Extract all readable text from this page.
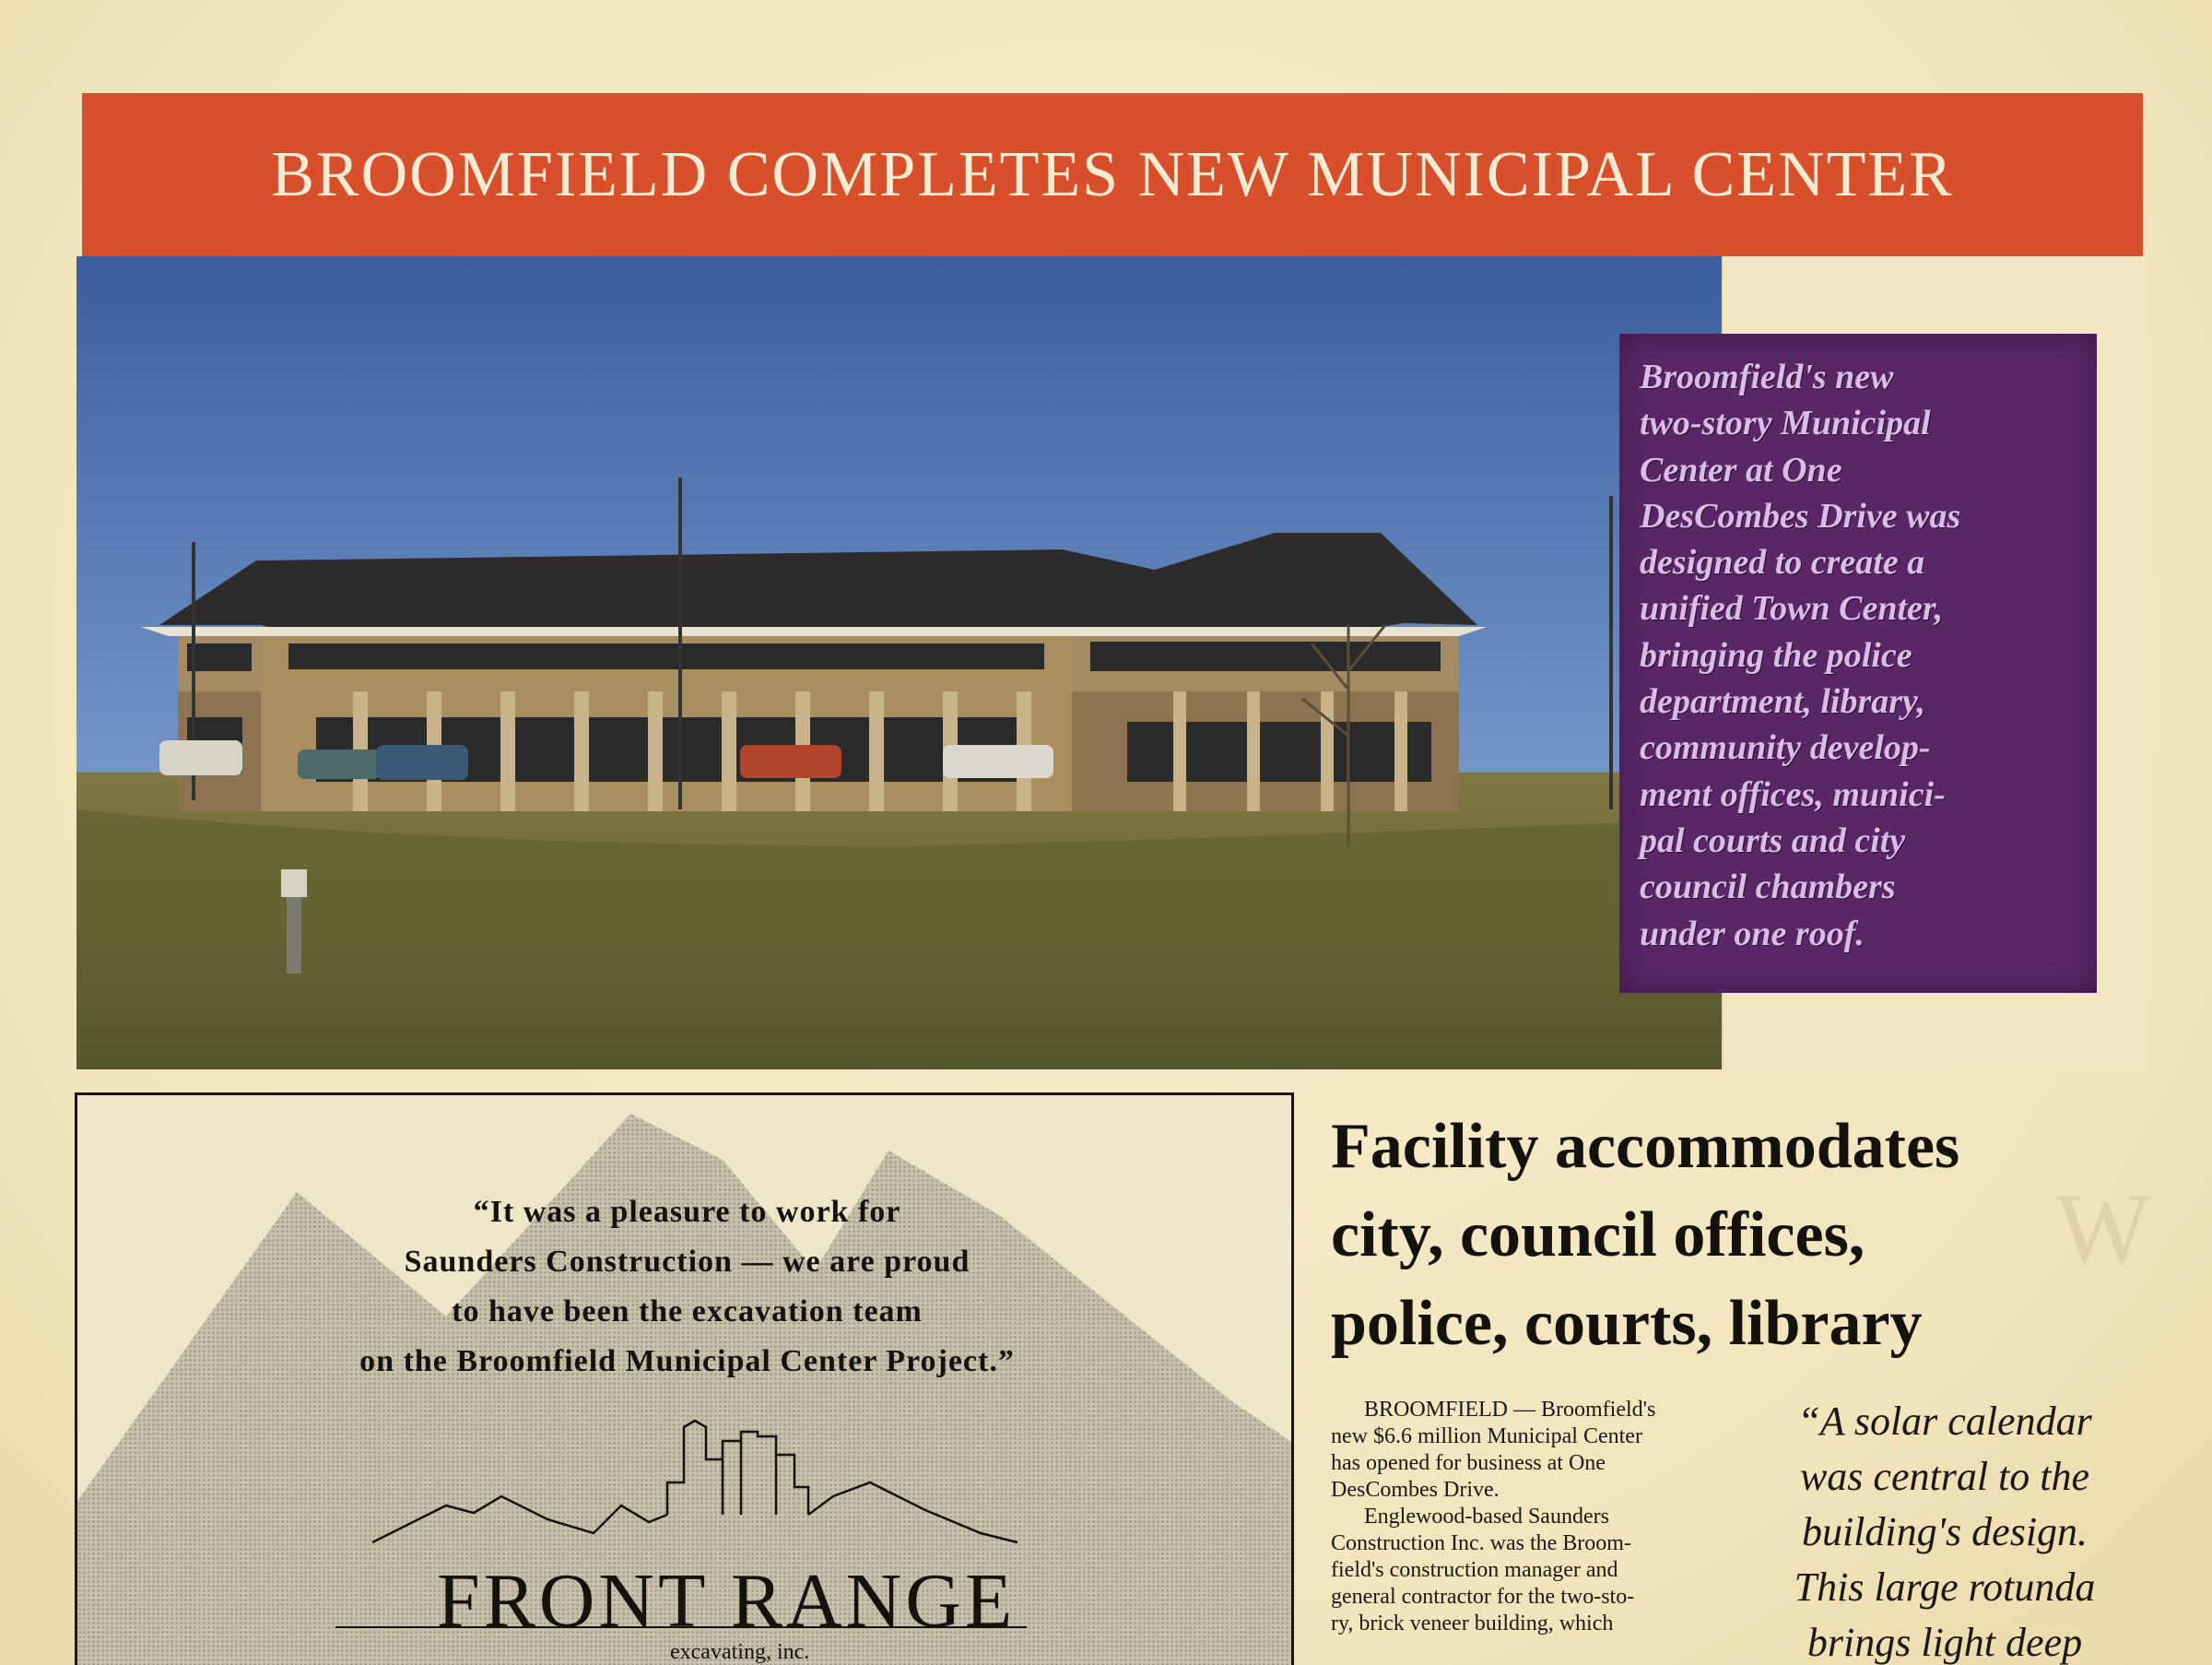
W
BROOMFIELD COMPLETES NEW MUNICIPAL CENTER
Broomfield's new
two-story Municipal
Center at One
DesCombes Drive was
designed to create a
unified Town Center,
bringing the police
department, library,
community develop-
ment offices, munici-
pal courts and city
council chambers
under one roof.
“It was a pleasure to work for
Saunders Construction — we are proud
to have been the excavation team
on the Broomfield Municipal Center Project.”
FRONT RANGE
excavating, inc.
Facility accommodates
city, council offices,
police, courts, library
BROOMFIELD — Broomfield's
new $6.6 million Municipal Center
has opened for business at One
DesCombes Drive.
Englewood-based Saunders
Construction Inc. was the Broom-
field's construction manager and
general contractor for the two-sto-
ry, brick veneer building, which
“A solar calendar
was central to the
building's design.
This large rotunda
brings light deep
